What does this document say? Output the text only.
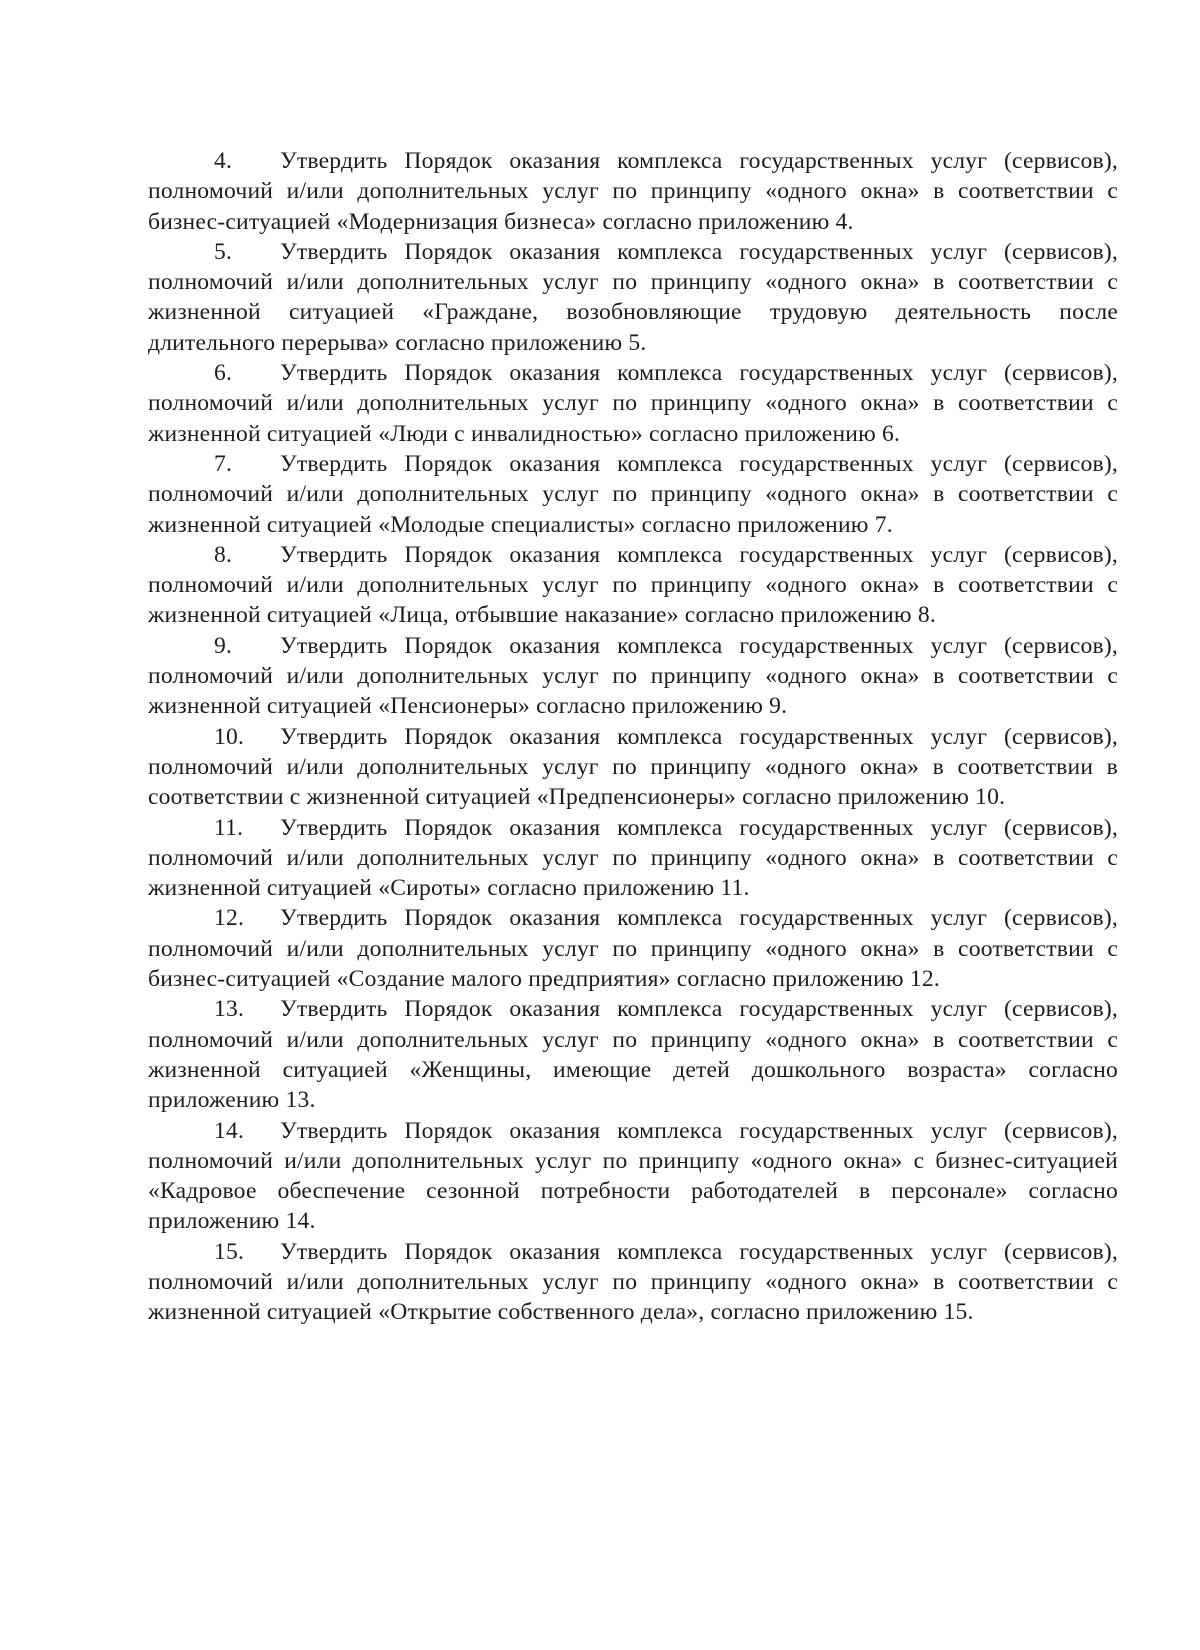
4. Утвердить Порядок оказания комплекса государственных услуг (сервисов), полномочий и/или дополнительных услуг по принципу «одного окна» в соответствии с бизнес-ситуацией «Модернизация бизнеса» согласно приложению 4.

5. Утвердить Порядок оказания комплекса государственных услуг (сервисов), полномочий и/или дополнительных услуг по принципу «одного окна» в соответствии с жизненной ситуацией «Граждане, возобновляющие трудовую деятельность после длительного перерыва» согласно приложению 5.

6. Утвердить Порядок оказания комплекса государственных услуг (сервисов), полномочий и/или дополнительных услуг по принципу «одного окна» в соответствии с жизненной ситуацией «Люди с инвалидностью» согласно приложению 6.

7. Утвердить Порядок оказания комплекса государственных услуг (сервисов), полномочий и/или дополнительных услуг по принципу «одного окна» в соответствии с жизненной ситуацией «Молодые специалисты» согласно приложению 7.

8. Утвердить Порядок оказания комплекса государственных услуг (сервисов), полномочий и/или дополнительных услуг по принципу «одного окна» в соответствии с жизненной ситуацией «Лица, отбывшие наказание» согласно приложению 8.

9. Утвердить Порядок оказания комплекса государственных услуг (сервисов), полномочий и/или дополнительных услуг по принципу «одного окна» в соответствии с жизненной ситуацией «Пенсионеры» согласно приложению 9.

10. Утвердить Порядок оказания комплекса государственных услуг (сервисов), полномочий и/или дополнительных услуг по принципу «одного окна» в соответствии в соответствии с жизненной ситуацией «Предпенсионеры» согласно приложению 10.

11. Утвердить Порядок оказания комплекса государственных услуг (сервисов), полномочий и/или дополнительных услуг по принципу «одного окна» в соответствии с жизненной ситуацией «Сироты» согласно приложению 11.

12. Утвердить Порядок оказания комплекса государственных услуг (сервисов), полномочий и/или дополнительных услуг по принципу «одного окна» в соответствии с бизнес-ситуацией «Создание малого предприятия» согласно приложению 12.

13. Утвердить Порядок оказания комплекса государственных услуг (сервисов), полномочий и/или дополнительных услуг по принципу «одного окна» в соответствии с жизненной ситуацией «Женщины, имеющие детей дошкольного возраста» согласно приложению 13.

14. Утвердить Порядок оказания комплекса государственных услуг (сервисов), полномочий и/или дополнительных услуг по принципу «одного окна» с бизнес-ситуацией «Кадровое обеспечение сезонной потребности работодателей в персонале» согласно приложению 14.

15. Утвердить Порядок оказания комплекса государственных услуг (сервисов), полномочий и/или дополнительных услуг по принципу «одного окна» в соответствии с жизненной ситуацией «Открытие собственного дела», согласно приложению 15.
